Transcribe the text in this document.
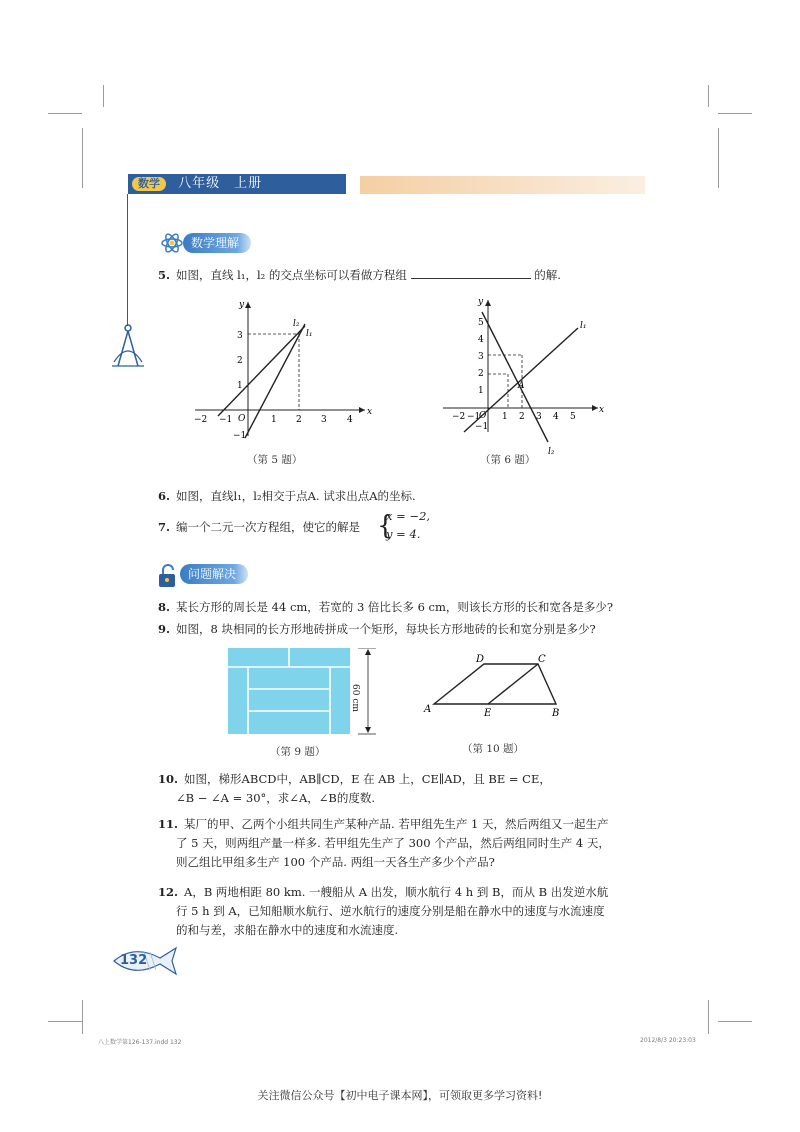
数学 八年级　上册
数学理解
5. 如图，直线 l₁，l₂ 的交点坐标可以看做方程组	的解.
x
y
O
−2 −1	1 2 3 4
3
2
1
−1
l₂
l₁
（第 5 题）
x
y
O
−2 −1 1 2 3 4 5
5
4
3
2
1
−1
A
l₁
l₂
（第 6 题）
6. 如图，直线l₁，l₂相交于点A. 试求出点A的坐标.
7. 编一个二元一次方程组，使它的解是 {
x = −2,
y = 4.
问题解决
8. 某长方形的周长是 44 cm，若宽的 3 倍比长多 6 cm，则该长方形的长和宽各是多少?
9. 如图，8 块相同的长方形地砖拼成一个矩形，每块长方形地砖的长和宽分别是多少?
60 cm
（第 9 题）
D	C
A	E	B
（第 10 题）
10. 如图，梯形ABCD中，AB∥CD，E 在 AB 上，CE∥AD，且 BE = CE，
∠B − ∠A = 30°，求∠A，∠B的度数.
11. 某厂的甲、乙两个小组共同生产某种产品. 若甲组先生产 1 天，然后两组又一起生产
了 5 天，则两组产量一样多. 若甲组先生产了 300 个产品，然后两组同时生产 4 天，
则乙组比甲组多生产 100 个产品. 两组一天各生产多少个产品?
12. A，B 两地相距 80 km. 一艘船从 A 出发，顺水航行 4 h 到 B，而从 B 出发逆水航
行 5 h 到 A，已知船顺水航行、逆水航行的速度分别是船在静水中的速度与水流速度
的和与差，求船在静水中的速度和水流速度.
132
八上数学第126-137.indd 132	2012/8/3 20:23:03
关注微信公众号【初中电子课本网】，可领取更多学习资料!
